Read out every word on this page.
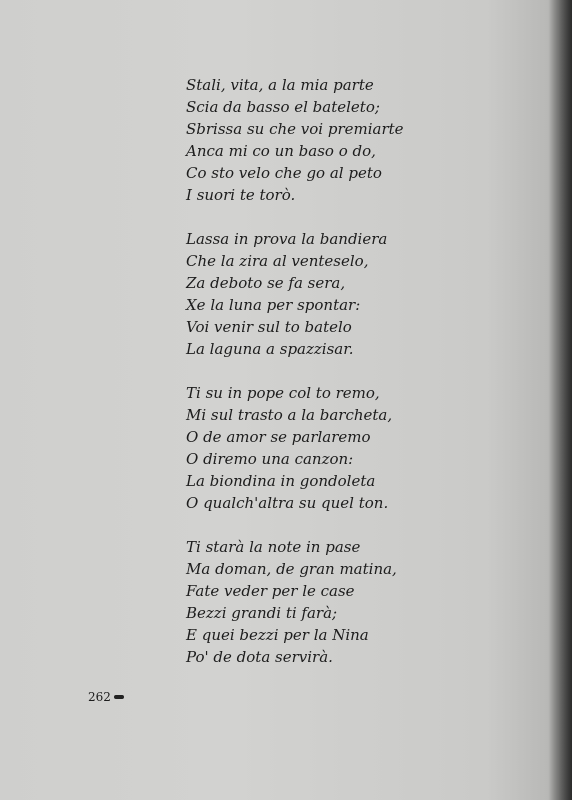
Stali, vita, a la mia parte
Scia da basso el bateleto;
Sbrissa su che voi premiarte
Anca mi co un baso o do,
Co sto velo che go al peto
I suori te torò.
Lassa in prova la bandiera
Che la zira al venteselo,
Za deboto se fa sera,
Xe la luna per spontar:
Voi venir sul to batelo
La laguna a spazzisar.
Ti su in pope col to remo,
Mi sul trasto a la barcheta,
O de amor se parlaremo
O diremo una canzon:
La biondina in gondoleta
O qualch'altra su quel ton.
Ti starà la note in pase
Ma doman, de gran matina,
Fate veder per le case
Bezzi grandi ti farà;
E quei bezzi per la Nina
Po' de dota servirà.
262
